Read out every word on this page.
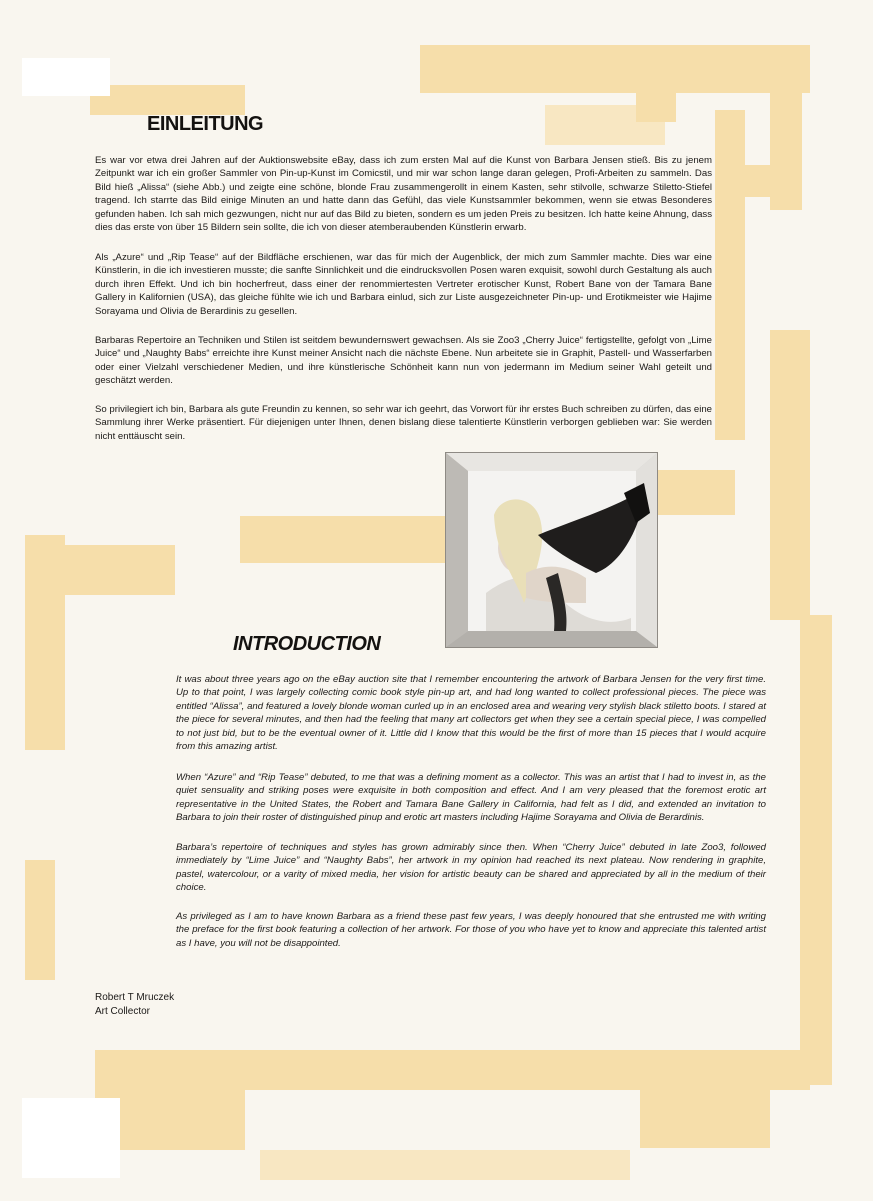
EINLEITUNG

Es war vor etwa drei Jahren auf der Auktionswebsite eBay, dass ich zum ersten Mal auf die Kunst von Barbara Jensen stieß. Bis zu jenem Zeitpunkt war ich ein großer Sammler von Pin-up-Kunst im Comicstil, und mir war schon lange daran gelegen, Profi-Arbeiten zu sammeln. Das Bild hieß „Alissa“ (siehe Abb.) und zeigte eine schöne, blonde Frau zusammengerollt in einem Kasten, sehr stilvolle, schwarze Stiletto-Stiefel tragend. Ich starrte das Bild einige Minuten an und hatte dann das Gefühl, das viele Kunstsammler bekommen, wenn sie etwas Besonderes gefunden haben. Ich sah mich gezwungen, nicht nur auf das Bild zu bieten, sondern es um jeden Preis zu besitzen. Ich hatte keine Ahnung, dass dies das erste von über 15 Bildern sein sollte, die ich von dieser atemberaubenden Künstlerin erwarb.

Als „Azure“ und „Rip Tease“ auf der Bildfläche erschienen, war das für mich der Augenblick, der mich zum Sammler machte. Dies war eine Künstlerin, in die ich investieren musste; die sanfte Sinnlichkeit und die eindrucksvollen Posen waren exquisit, sowohl durch Gestaltung als auch durch ihren Effekt. Und ich bin hocherfreut, dass einer der renommiertesten Vertreter erotischer Kunst, Robert Bane von der Tamara Bane Gallery in Kalifornien (USA), das gleiche fühlte wie ich und Barbara einlud, sich zur Liste ausgezeichneter Pin-up- und Erotikmeister wie Hajime Sorayama und Olivia de Berardinis zu gesellen.

Barbaras Repertoire an Techniken und Stilen ist seitdem bewundernswert gewachsen. Als sie Zoo3 „Cherry Juice“ fertigstellte, gefolgt von „Lime Juice“ und „Naughty Babs“ erreichte ihre Kunst meiner Ansicht nach die nächste Ebene. Nun arbeitete sie in Graphit, Pastell- und Wasserfarben oder einer Vielzahl verschiedener Medien, und ihre künstlerische Schönheit kann nun von jedermann im Medium seiner Wahl geteilt und geschätzt werden.

So privilegiert ich bin, Barbara als gute Freundin zu kennen, so sehr war ich geehrt, das Vorwort für ihr erstes Buch schreiben zu dürfen, das eine Sammlung ihrer Werke präsentiert. Für diejenigen unter Ihnen, denen bislang diese talentierte Künstlerin verborgen geblieben war: Sie werden nicht enttäuscht sein.

INTRODUCTION

It was about three years ago on the eBay auction site that I remember encountering the artwork of Barbara Jensen for the very first time. Up to that point, I was largely collecting comic book style pin-up art, and had long wanted to collect professional pieces. The piece was entitled “Alissa”, and featured a lovely blonde woman curled up in an enclosed area and wearing very stylish black stiletto boots. I stared at the piece for several minutes, and then had the feeling that many art collectors get when they see a certain special piece, I was compelled to not just bid, but to be the eventual owner of it. Little did I know that this would be the first of more than 15 pieces that I would acquire from this amazing artist.

When “Azure” and “Rip Tease” debuted, to me that was a defining moment as a collector. This was an artist that I had to invest in, as the quiet sensuality and striking poses were exquisite in both composition and effect. And I am very pleased that the foremost erotic art representative in the United States, the Robert and Tamara Bane Gallery in California, had felt as I did, and extended an invitation to Barbara to join their roster of distinguished pinup and erotic art masters including Hajime Sorayama and Olivia de Berardinis.

Barbara’s repertoire of techniques and styles has grown admirably since then. When “Cherry Juice” debuted in late Zoo3, followed immediately by “Lime Juice” and “Naughty Babs”, her artwork in my opinion had reached its next plateau. Now rendering in graphite, pastel, watercolour, or a varity of mixed media, her vision for artistic beauty can be shared and appreciated by all in the medium of their choice.

As privileged as I am to have known Barbara as a friend these past few years, I was deeply honoured that she entrusted me with writing the preface for the first book featuring a collection of her artwork. For those of you who have yet to know and appreciate this talented artist as I have, you will not be disappointed.

Robert T Mruczek
Art Collector
